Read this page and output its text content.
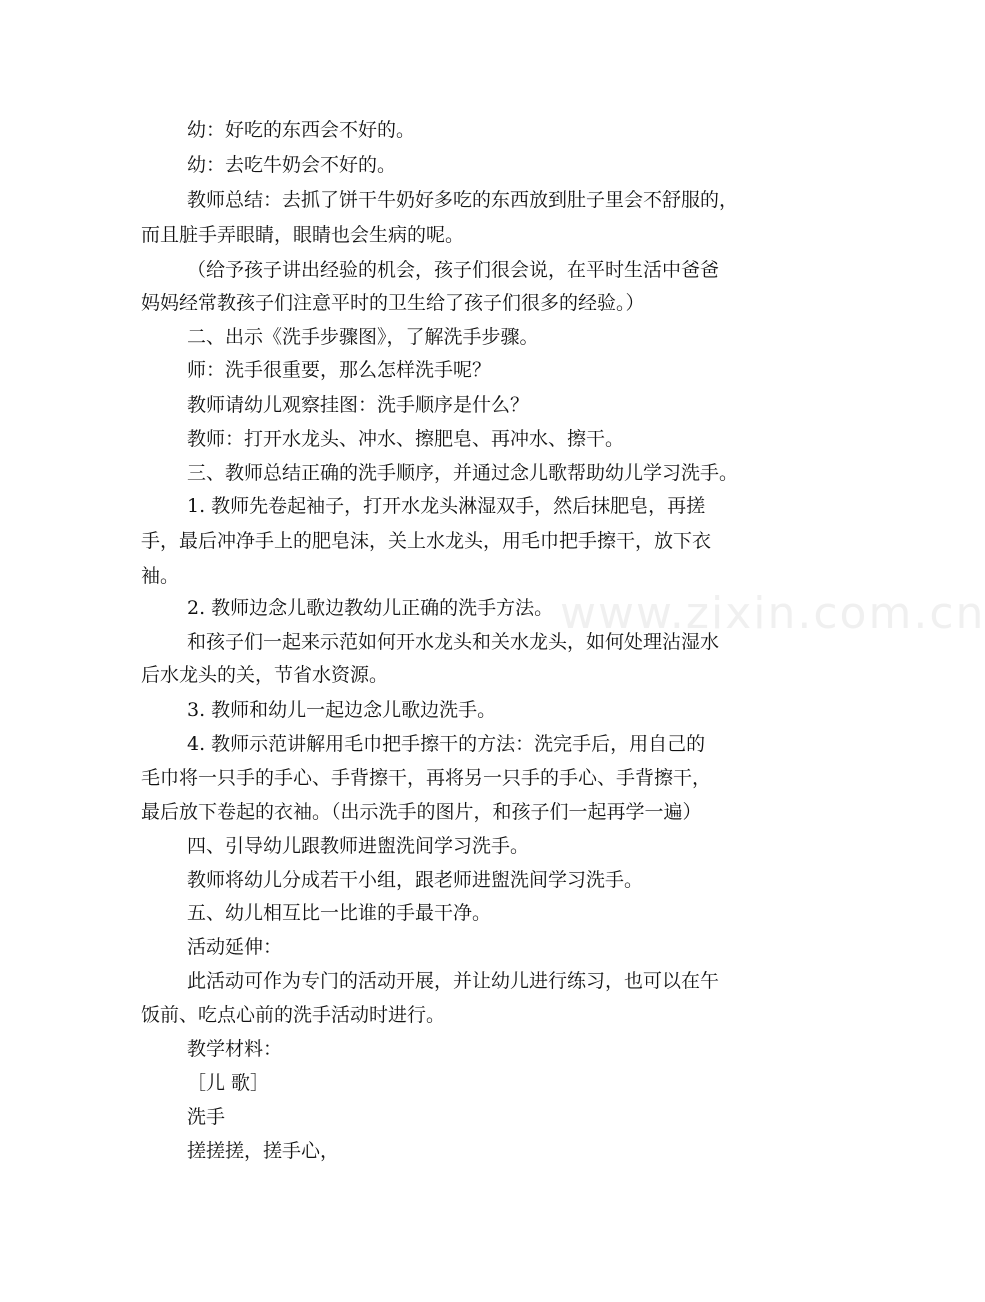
幼：好吃的东西会不好的。
幼：去吃牛奶会不好的。
教师总结：去抓了饼干牛奶好多吃的东西放到肚子里会不舒服的，
而且脏手弄眼睛，眼睛也会生病的呢。
（给予孩子讲出经验的机会，孩子们很会说，在平时生活中爸爸
妈妈经常教孩子们注意平时的卫生给了孩子们很多的经验。）
二、出示《洗手步骤图》，了解洗手步骤。
师：洗手很重要，那么怎样洗手呢？
教师请幼儿观察挂图：洗手顺序是什么？
教师：打开水龙头、冲水、擦肥皂、再冲水、擦干。
三、教师总结正确的洗手顺序，并通过念儿歌帮助幼儿学习洗手。
1. 教师先卷起袖子，打开水龙头淋湿双手，然后抹肥皂，再搓
手，最后冲净手上的肥皂沫，关上水龙头，用毛巾把手擦干，放下衣
袖。
2. 教师边念儿歌边教幼儿正确的洗手方法。
和孩子们一起来示范如何开水龙头和关水龙头，如何处理沾湿水
后水龙头的关，节省水资源。
3. 教师和幼儿一起边念儿歌边洗手。
4. 教师示范讲解用毛巾把手擦干的方法：洗完手后，用自己的
毛巾将一只手的手心、手背擦干，再将另一只手的手心、手背擦干，
最后放下卷起的衣袖。（出示洗手的图片，和孩子们一起再学一遍）
四、引导幼儿跟教师进盥洗间学习洗手。
教师将幼儿分成若干小组，跟老师进盥洗间学习洗手。
五、幼儿相互比一比谁的手最干净。
活动延伸：
此活动可作为专门的活动开展，并让幼儿进行练习，也可以在午
饭前、吃点心前的洗手活动时进行。
教学材料：
［儿 歌］
洗手
搓搓搓，搓手心，
www.zixin.com.cn
